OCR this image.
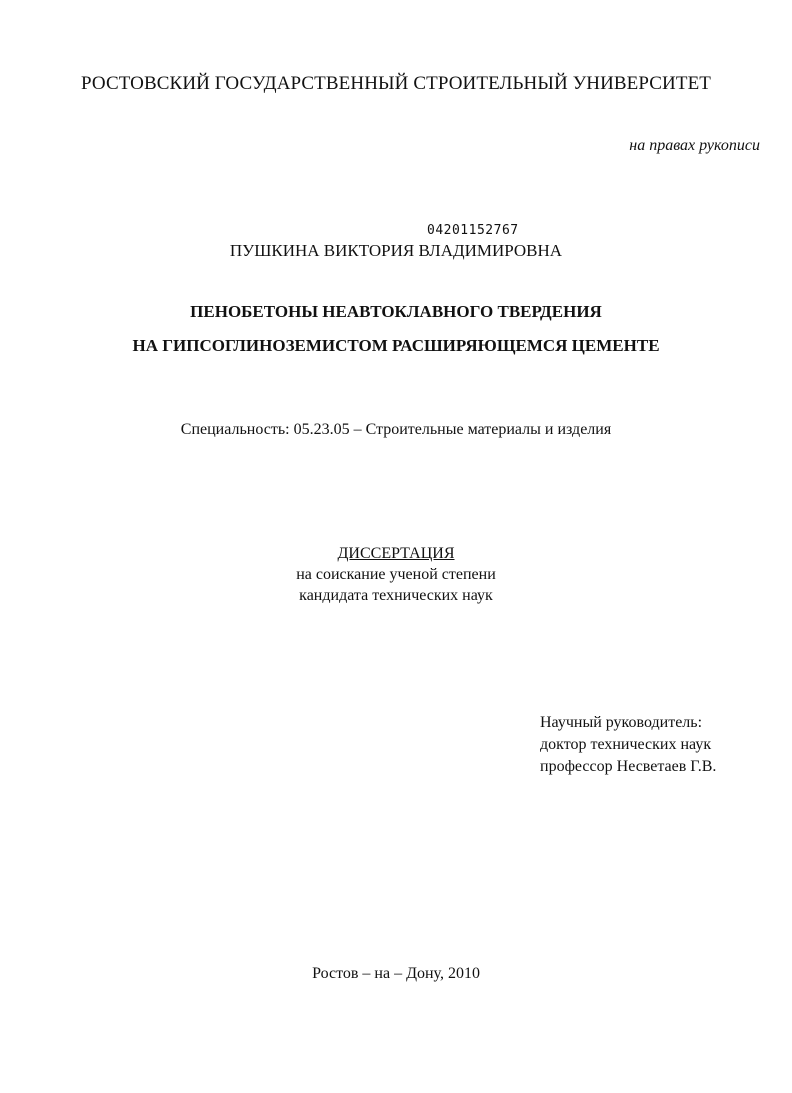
РОСТОВСКИЙ ГОСУДАРСТВЕННЫЙ СТРОИТЕЛЬНЫЙ УНИВЕРСИТЕТ
на правах рукописи
04201152767
ПУШКИНА ВИКТОРИЯ ВЛАДИМИРОВНА
ПЕНОБЕТОНЫ НЕАВТОКЛАВНОГО ТВЕРДЕНИЯ
НА ГИПСОГЛИНОЗЕМИСТОМ РАСШИРЯЮЩЕМСЯ ЦЕМЕНТЕ
Специальность: 05.23.05 – Строительные материалы и изделия
ДИССЕРТАЦИЯ
на соискание ученой степени
кандидата технических наук
Научный руководитель:
доктор технических наук
профессор Несветаев Г.В.
Ростов – на – Дону, 2010
